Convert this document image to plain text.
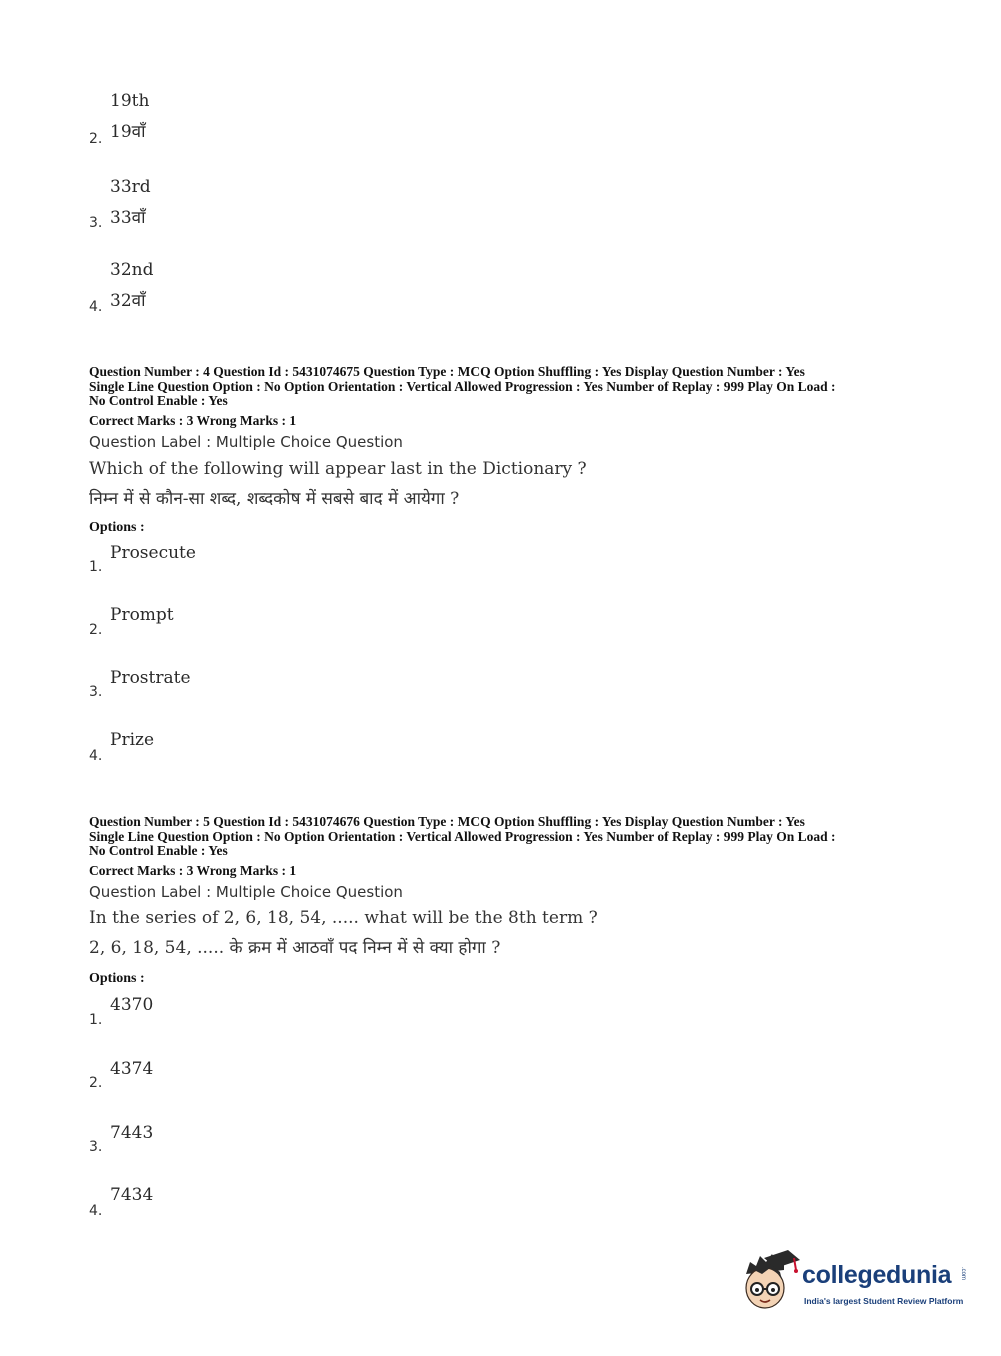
19th
19वाँ
2.
33rd
33वाँ
3.
32nd
32वाँ
4.
Question Number : 4 Question Id : 5431074675 Question Type : MCQ Option Shuffling : Yes Display Question Number : Yes
Single Line Question Option : No Option Orientation : Vertical Allowed Progression : Yes Number of Replay : 999 Play On Load :
No Control Enable : Yes
Correct Marks : 3 Wrong Marks : 1
Question Label : Multiple Choice Question
Which of the following will appear last in the Dictionary ?
निम्न में से कौन-सा शब्द, शब्दकोष में सबसे बाद में आयेगा ?
Options :
Prosecute
1.
Prompt
2.
Prostrate
3.
Prize
4.
Question Number : 5 Question Id : 5431074676 Question Type : MCQ Option Shuffling : Yes Display Question Number : Yes
Single Line Question Option : No Option Orientation : Vertical Allowed Progression : Yes Number of Replay : 999 Play On Load :
No Control Enable : Yes
Correct Marks : 3 Wrong Marks : 1
Question Label : Multiple Choice Question
In the series of 2, 6, 18, 54, ..... what will be the 8th term ?
2, 6, 18, 54, ..... के क्रम में आठवाँ पद निम्न में से क्या होगा ?
Options :
4370
1.
4374
2.
7443
3.
7434
4.
collegedunia .com
India's largest Student Review Platform
